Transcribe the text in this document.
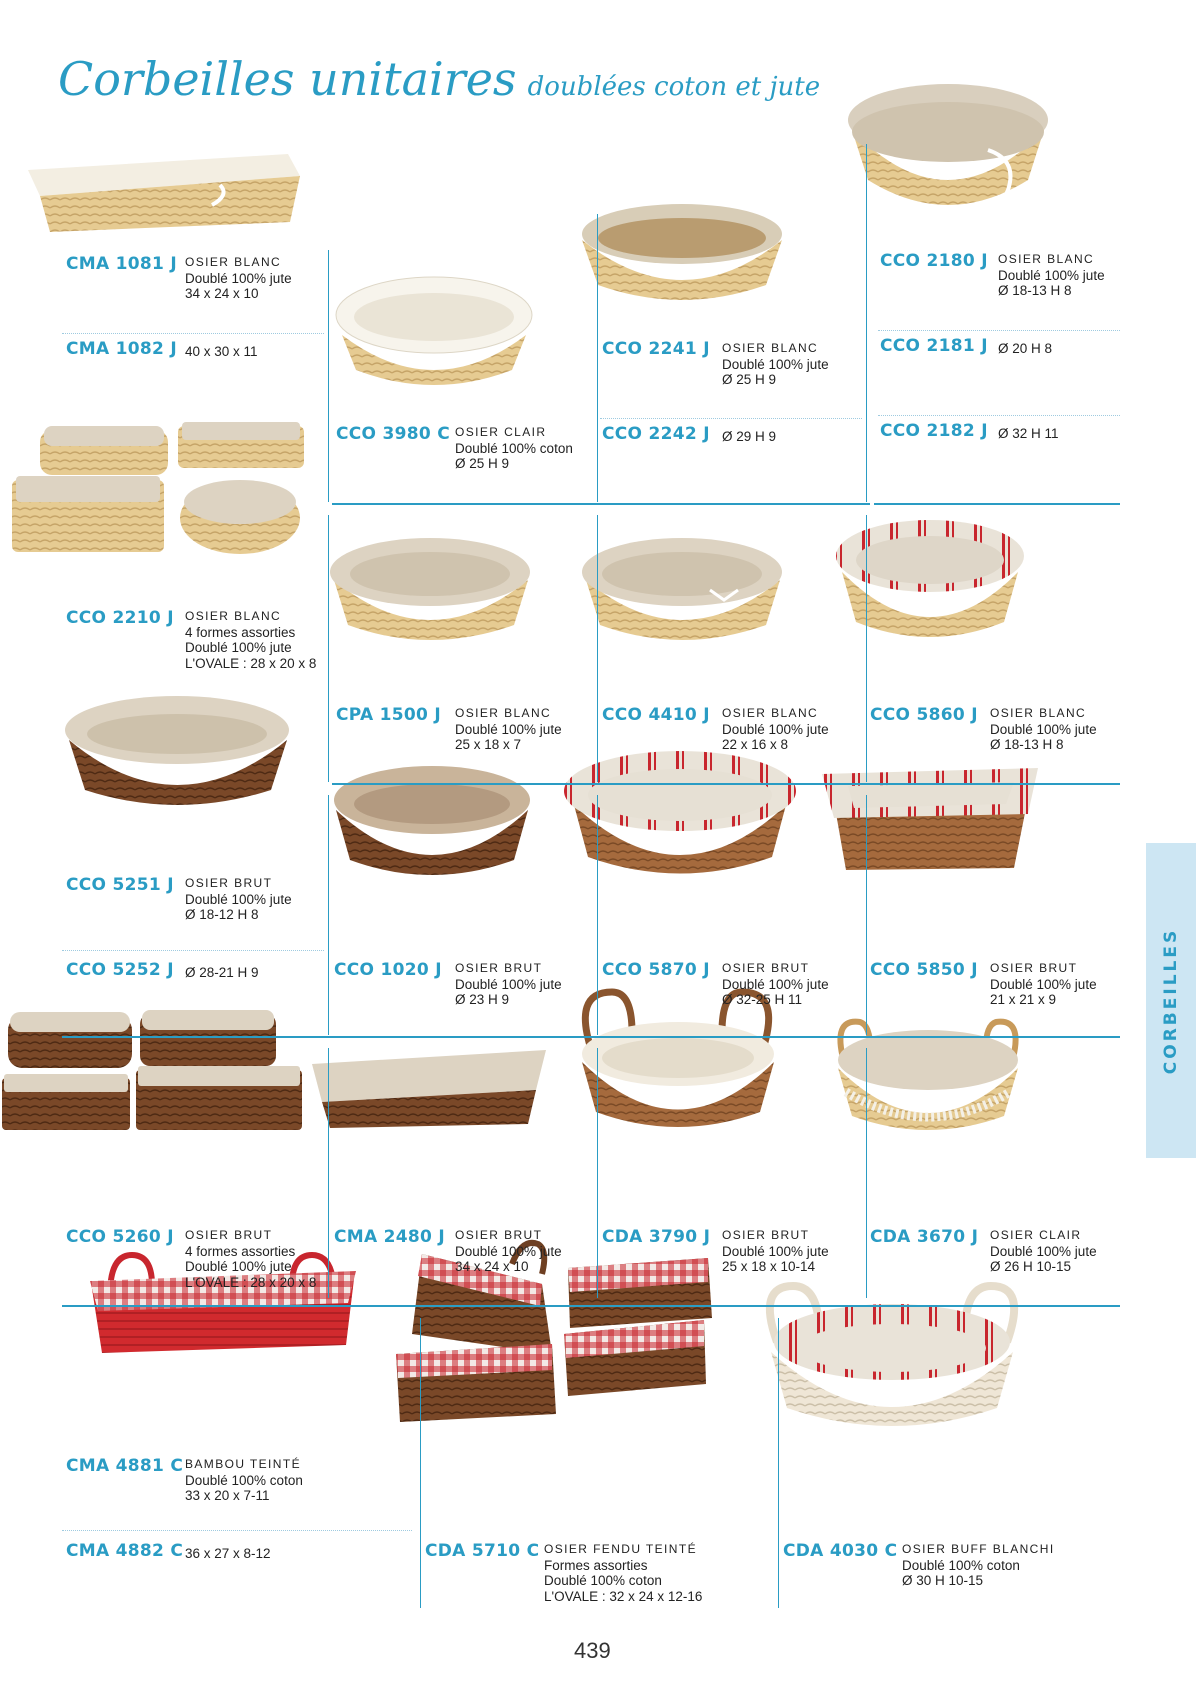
Corbeilles unitaires doublées coton et jute
CMA 1081 J OSIER BLANC
Doublé 100% jute
34 x 24 x 10
CMA 1082 J 40 x 30 x 11
CCO 3980 C OSIER CLAIR
Doublé 100% coton
Ø 25 H 9
CCO 2241 J OSIER BLANC
Doublé 100% jute
Ø 25 H 9
CCO 2242 J Ø 29 H 9
CCO 2180 J OSIER BLANC
Doublé 100% jute
Ø 18-13 H 8
CCO 2181 J Ø 20 H 8
CCO 2182 J Ø 32 H 11
CCO 2210 J OSIER BLANC
4 formes assorties
Doublé 100% jute
L'OVALE : 28 x 20 x 8
CPA 1500 J OSIER BLANC
Doublé 100% jute
25 x 18 x 7
CCO 4410 J OSIER BLANC
Doublé 100% jute
22 x 16 x 8
CCO 5860 J OSIER BLANC
Doublé 100% jute
Ø 18-13 H 8
CCO 5251 J OSIER BRUT
Doublé 100% jute
Ø 18-12 H 8
CCO 5252 J Ø 28-21 H 9	CCO 1020 J OSIER BRUT
Doublé 100% jute
Ø 23 H 9
CCO 5870 J OSIER BRUT
Doublé 100% jute
Ø 32-25 H 11
CCO 5850 J OSIER BRUT
Doublé 100% jute
21 x 21 x 9
CCO 5260 J OSIER BRUT
4 formes assorties
Doublé 100% jute
L'OVALE : 28 x 20 x 8
CMA 2480 J OSIER BRUT
Doublé 100% jute
34 x 24 x 10
CDA 3790 J OSIER BRUT
Doublé 100% jute
25 x 18 x 10-14
CDA 3670 J OSIER CLAIR
Doublé 100% jute
Ø 26 H 10-15
CMA 4881 C BAMBOU TEINTÉ
Doublé 100% coton
33 x 20 x 7-11
CMA 4882 C 36 x 27 x 8-12	CDA 5710 C OSIER FENDU TEINTÉ
Formes assorties
Doublé 100% coton
L'OVALE : 32 x 24 x 12-16
CDA 4030 C OSIER BUFF BLANCHI
Doublé 100% coton
Ø 30 H 10-15
CORBEILLES
439
